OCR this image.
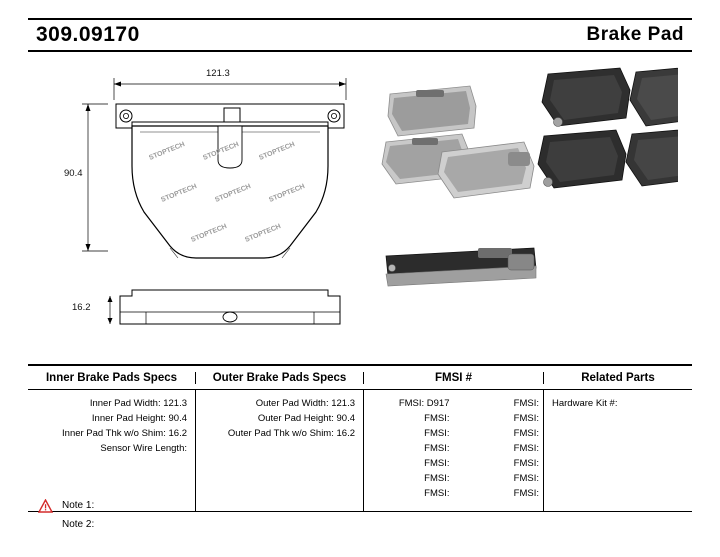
309.09170	Brake Pad
STOPTECH STOPTECH	STOPTECH
STOPTECH STOPTECH STOPTECH
STOPTECH STOPTECH
121.3
90.4
16.2
Inner Brake Pads Specs	Outer Brake Pads Specs	FMSI #	Related Parts
Inner Pad Width: 121.3
Inner Pad Height: 90.4
Inner Pad Thk w/o Shim: 16.2
Sensor Wire Length:
Outer Pad Width: 121.3
Outer Pad Height: 90.4
Outer Pad Thk w/o Shim: 16.2
FMSI: D917	FMSI:
FMSI:	FMSI:
FMSI:	FMSI:
FMSI:	FMSI:
FMSI:	FMSI:
FMSI:	FMSI:
FMSI:	FMSI:
Hardware Kit #:
Note 1:
Note 2:
